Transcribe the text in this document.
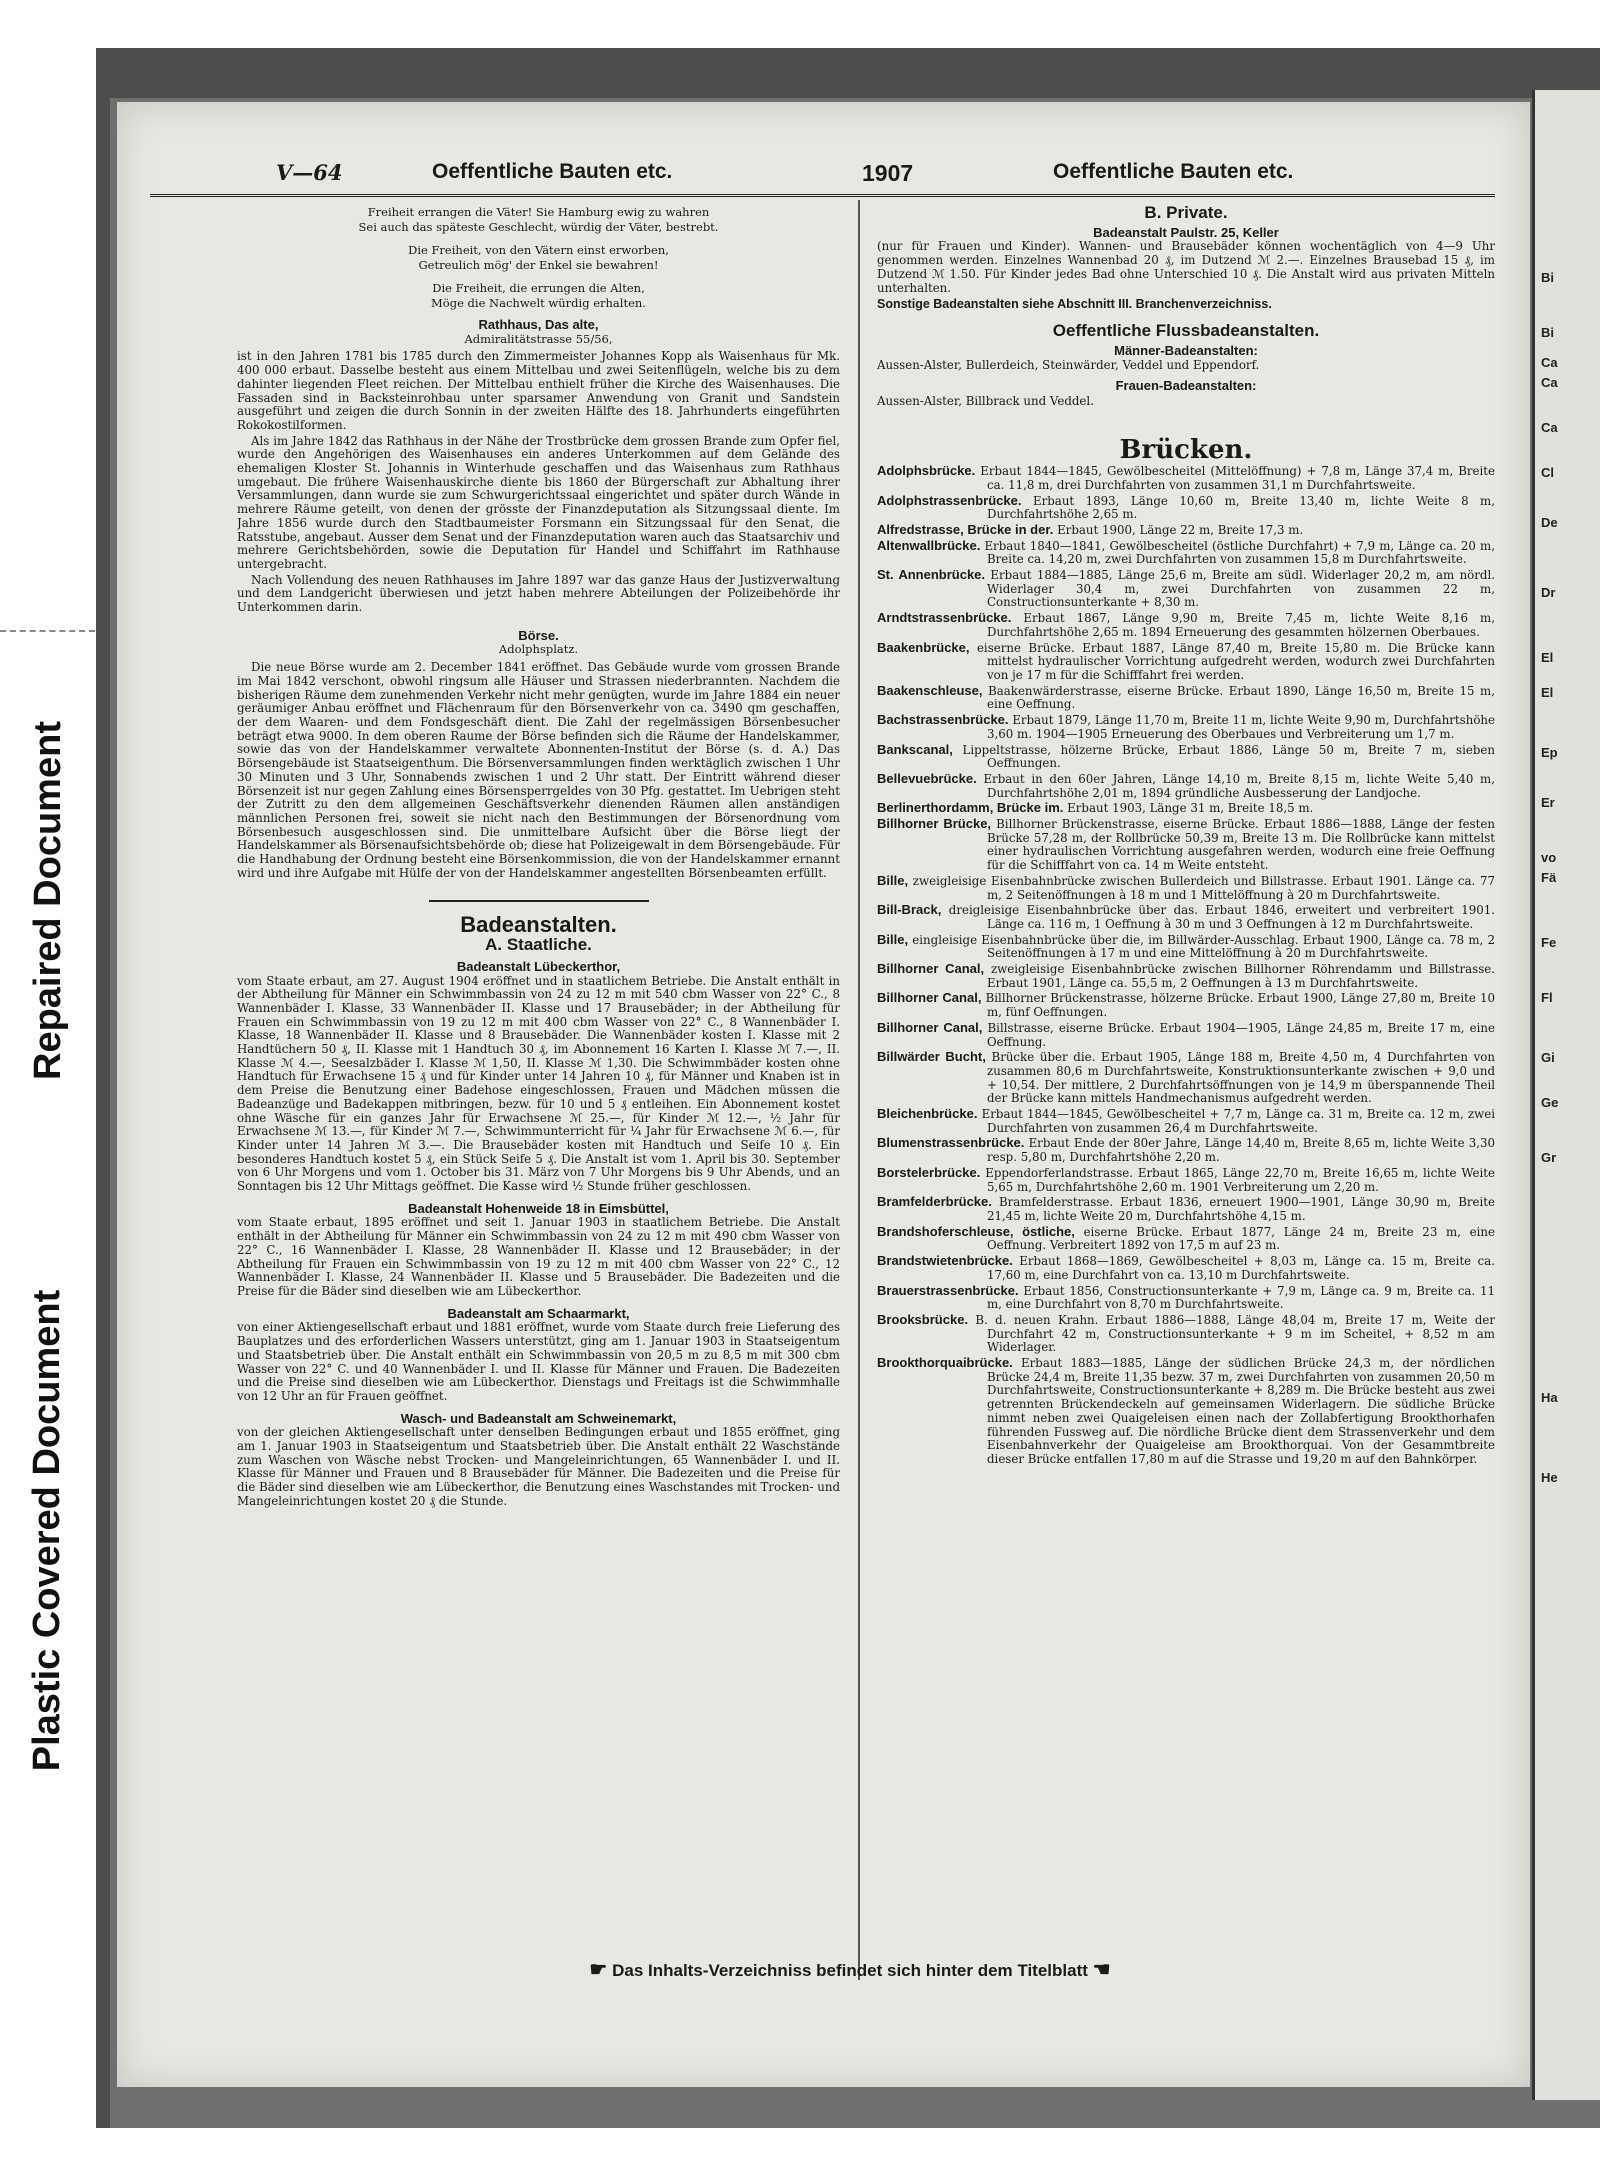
Repaired Document
Plastic Covered Document
Bi
Bi
Ca
Ca
Ca
Cl
De
Dr
El
El
Ep
Er
vo
Fä
Fe
Fl
Gi
Ge
Gr
Ha
He
V—64	Oeffentliche Bauten etc.	1907	Oeffentliche Bauten etc.

Freiheit errangen die Väter! Sie Hamburg ewig zu wahren

Sei auch das späteste Geschlecht, würdig der Väter, bestrebt.

Die Freiheit, von den Vätern einst erworben,

Getreulich mög' der Enkel sie bewahren!

Die Freiheit, die errungen die Alten,

Möge die Nachwelt würdig erhalten.

Rathhaus, Das alte,
Admiralitätstrasse 55/56,

ist in den Jahren 1781 bis 1785 durch den Zimmermeister Johannes Kopp als Waisenhaus für Mk. 400 000 erbaut. Dasselbe besteht aus einem Mittelbau und zwei Seitenflügeln, welche bis zu dem dahinter liegenden Fleet reichen. Der Mittelbau enthielt früher die Kirche des Waisenhauses. Die Fassaden sind in Backsteinrohbau unter sparsamer Anwendung von Granit und Sandstein ausgeführt und zeigen die durch Sonnin in der zweiten Hälfte des 18. Jahrhunderts eingeführten Rokokostilformen.

Als im Jahre 1842 das Rathhaus in der Nähe der Trostbrücke dem grossen Brande zum Opfer fiel, wurde den Angehörigen des Waisenhauses ein anderes Unterkommen auf dem Gelände des ehemaligen Kloster St. Johannis in Winterhude geschaffen und das Waisenhaus zum Rathhaus umgebaut. Die frühere Waisenhauskirche diente bis 1860 der Bürgerschaft zur Abhaltung ihrer Versammlungen, dann wurde sie zum Schwurgerichtssaal eingerichtet und später durch Wände in mehrere Räume geteilt, von denen der grösste der Finanzdeputation als Sitzungssaal diente. Im Jahre 1856 wurde durch den Stadtbaumeister Forsmann ein Sitzungssaal für den Senat, die Ratsstube, angebaut. Ausser dem Senat und der Finanzdeputation waren auch das Staatsarchiv und mehrere Gerichtsbehörden, sowie die Deputation für Handel und Schiffahrt im Rathhause untergebracht.

Nach Vollendung des neuen Rathhauses im Jahre 1897 war das ganze Haus der Justizverwaltung und dem Landgericht überwiesen und jetzt haben mehrere Abteilungen der Polizeibehörde ihr Unterkommen darin.

Börse.
Adolphsplatz.

Die neue Börse wurde am 2. December 1841 eröffnet. Das Gebäude wurde vom grossen Brande im Mai 1842 verschont, obwohl ringsum alle Häuser und Strassen niederbrannten. Nachdem die bisherigen Räume dem zunehmenden Verkehr nicht mehr genügten, wurde im Jahre 1884 ein neuer geräumiger Anbau eröffnet und Flächenraum für den Börsenverkehr von ca. 3490 qm geschaffen, der dem Waaren- und dem Fondsgeschäft dient. Die Zahl der regelmässigen Börsenbesucher beträgt etwa 9000. In dem oberen Raume der Börse befinden sich die Räume der Handelskammer, sowie das von der Handelskammer verwaltete Abonnenten-Institut der Börse (s. d. A.) Das Börsengebäude ist Staatseigenthum. Die Börsenversammlungen finden werktäglich zwischen 1 Uhr 30 Minuten und 3 Uhr, Sonnabends zwischen 1 und 2 Uhr statt. Der Eintritt während dieser Börsenzeit ist nur gegen Zahlung eines Börsensperrgeldes von 30 Pfg. gestattet. Im Uebrigen steht der Zutritt zu den dem allgemeinen Geschäftsverkehr dienenden Räumen allen anständigen männlichen Personen frei, soweit sie nicht nach den Bestimmungen der Börsenordnung vom Börsenbesuch ausgeschlossen sind. Die unmittelbare Aufsicht über die Börse liegt der Handelskammer als Börsenaufsichtsbehörde ob; diese hat Polizeigewalt in dem Börsengebäude. Für die Handhabung der Ordnung besteht eine Börsenkommission, die von der Handelskammer ernannt wird und ihre Aufgabe mit Hülfe der von der Handelskammer angestellten Börsenbeamten erfüllt.

Badeanstalten.
A. Staatliche.
Badeanstalt Lübeckerthor,

vom Staate erbaut, am 27. August 1904 eröffnet und in staatlichem Betriebe. Die Anstalt enthält in der Abtheilung für Männer ein Schwimmbassin von 24 zu 12 m mit 540 cbm Wasser von 22° C., 8 Wannenbäder I. Klasse, 33 Wannenbäder II. Klasse und 17 Brausebäder; in der Abtheilung für Frauen ein Schwimmbassin von 19 zu 12 m mit 400 cbm Wasser von 22° C., 8 Wannenbäder I. Klasse, 18 Wannenbäder II. Klasse und 8 Brausebäder. Die Wannenbäder kosten I. Klasse mit 2 Handtüchern 50 ₰, II. Klasse mit 1 Handtuch 30 ₰, im Abonnement 16 Karten I. Klasse ℳ 7.—, II. Klasse ℳ 4.—, Seesalzbäder I. Klasse ℳ 1,50, II. Klasse ℳ 1,30. Die Schwimmbäder kosten ohne Handtuch für Erwachsene 15 ₰ und für Kinder unter 14 Jahren 10 ₰, für Männer und Knaben ist in dem Preise die Benutzung einer Badehose eingeschlossen, Frauen und Mädchen müssen die Badeanzüge und Badekappen mitbringen, bezw. für 10 und 5 ₰ entleihen. Ein Abonnement kostet ohne Wäsche für ein ganzes Jahr für Erwachsene ℳ 25.—, für Kinder ℳ 12.—, ½ Jahr für Erwachsene ℳ 13.—, für Kinder ℳ 7.—, Schwimmunterricht für ¼ Jahr für Erwachsene ℳ 6.—, für Kinder unter 14 Jahren ℳ 3.—. Die Brausebäder kosten mit Handtuch und Seife 10 ₰. Ein besonderes Handtuch kostet 5 ₰, ein Stück Seife 5 ₰. Die Anstalt ist vom 1. April bis 30. September von 6 Uhr Morgens und vom 1. October bis 31. März von 7 Uhr Morgens bis 9 Uhr Abends, und an Sonntagen bis 12 Uhr Mittags geöffnet. Die Kasse wird ½ Stunde früher geschlossen.

Badeanstalt Hohenweide 18 in Eimsbüttel,

vom Staate erbaut, 1895 eröffnet und seit 1. Januar 1903 in staatlichem Betriebe. Die Anstalt enthält in der Abtheilung für Männer ein Schwimmbassin von 24 zu 12 m mit 490 cbm Wasser von 22° C., 16 Wannenbäder I. Klasse, 28 Wannenbäder II. Klasse und 12 Brausebäder; in der Abtheilung für Frauen ein Schwimmbassin von 19 zu 12 m mit 400 cbm Wasser von 22° C., 12 Wannenbäder I. Klasse, 24 Wannenbäder II. Klasse und 5 Brausebäder. Die Badezeiten und die Preise für die Bäder sind dieselben wie am Lübeckerthor.

Badeanstalt am Schaarmarkt,

von einer Aktiengesellschaft erbaut und 1881 eröffnet, wurde vom Staate durch freie Lieferung des Bauplatzes und des erforderlichen Wassers unterstützt, ging am 1. Januar 1903 in Staatseigentum und Staatsbetrieb über. Die Anstalt enthält ein Schwimmbassin von 20,5 m zu 8,5 m mit 300 cbm Wasser von 22° C. und 40 Wannenbäder I. und II. Klasse für Männer und Frauen. Die Badezeiten und die Preise sind dieselben wie am Lübeckerthor. Dienstags und Freitags ist die Schwimmhalle von 12 Uhr an für Frauen geöffnet.

Wasch- und Badeanstalt am Schweinemarkt,

von der gleichen Aktiengesellschaft unter denselben Bedingungen erbaut und 1855 eröffnet, ging am 1. Januar 1903 in Staatseigentum und Staatsbetrieb über. Die Anstalt enthält 22 Waschstände zum Waschen von Wäsche nebst Trocken- und Mangeleinrichtungen, 65 Wannenbäder I. und II. Klasse für Männer und Frauen und 8 Brausebäder für Männer. Die Badezeiten und die Preise für die Bäder sind dieselben wie am Lübeckerthor, die Benutzung eines Waschstandes mit Trocken- und Mangeleinrichtungen kostet 20 ₰ die Stunde.

B. Private.
Badeanstalt Paulstr. 25, Keller

(nur für Frauen und Kinder). Wannen- und Brausebäder können wochentäglich von 4—9 Uhr genommen werden. Einzelnes Wannenbad 20 ₰, im Dutzend ℳ 2.—. Einzelnes Brausebad 15 ₰, im Dutzend ℳ 1.50. Für Kinder jedes Bad ohne Unterschied 10 ₰. Die Anstalt wird aus privaten Mitteln unterhalten.

Sonstige Badeanstalten siehe Abschnitt III. Branchenverzeichniss.
Oeffentliche Flussbadeanstalten.
Männer-Badeanstalten:

Aussen-Alster, Bullerdeich, Steinwärder, Veddel und Eppendorf.

Frauen-Badeanstalten:

Aussen-Alster, Billbrack und Veddel.

Brücken.

Adolphsbrücke. Erbaut 1844—1845, Gewölbescheitel (Mittelöffnung) + 7,8 m, Länge 37,4 m, Breite ca. 11,8 m, drei Durchfahrten von zusammen 31,1 m Durchfahrtsweite.

Adolphstrassenbrücke. Erbaut 1893, Länge 10,60 m, Breite 13,40 m, lichte Weite 8 m, Durchfahrtshöhe 2,65 m.

Alfredstrasse, Brücke in der. Erbaut 1900, Länge 22 m, Breite 17,3 m.

Altenwallbrücke. Erbaut 1840—1841, Gewölbescheitel (östliche Durchfahrt) + 7,9 m, Länge ca. 20 m, Breite ca. 14,20 m, zwei Durchfahrten von zusammen 15,8 m Durchfahrtsweite.

St. Annenbrücke. Erbaut 1884—1885, Länge 25,6 m, Breite am südl. Widerlager 20,2 m, am nördl. Widerlager 30,4 m, zwei Durchfahrten von zusammen 22 m, Constructionsunterkante + 8,30 m.

Arndtstrassenbrücke. Erbaut 1867, Länge 9,90 m, Breite 7,45 m, lichte Weite 8,16 m, Durchfahrtshöhe 2,65 m. 1894 Erneuerung des gesammten hölzernen Oberbaues.

Baakenbrücke, eiserne Brücke. Erbaut 1887, Länge 87,40 m, Breite 15,80 m. Die Brücke kann mittelst hydraulischer Vorrichtung aufgedreht werden, wodurch zwei Durchfahrten von je 17 m für die Schifffahrt frei werden.

Baakenschleuse, Baakenwärderstrasse, eiserne Brücke. Erbaut 1890, Länge 16,50 m, Breite 15 m, eine Oeffnung.

Bachstrassenbrücke. Erbaut 1879, Länge 11,70 m, Breite 11 m, lichte Weite 9,90 m, Durchfahrtshöhe 3,60 m. 1904—1905 Erneuerung des Oberbaues und Verbreiterung um 1,7 m.

Bankscanal, Lippeltstrasse, hölzerne Brücke, Erbaut 1886, Länge 50 m, Breite 7 m, sieben Oeffnungen.

Bellevuebrücke. Erbaut in den 60er Jahren, Länge 14,10 m, Breite 8,15 m, lichte Weite 5,40 m, Durchfahrtshöhe 2,01 m, 1894 gründliche Ausbesserung der Landjoche.

Berlinerthordamm, Brücke im. Erbaut 1903, Länge 31 m, Breite 18,5 m.

Billhorner Brücke, Billhorner Brückenstrasse, eiserne Brücke. Erbaut 1886—1888, Länge der festen Brücke 57,28 m, der Rollbrücke 50,39 m, Breite 13 m. Die Rollbrücke kann mittelst einer hydraulischen Vorrichtung ausgefahren werden, wodurch eine freie Oeffnung für die Schifffahrt von ca. 14 m Weite entsteht.

Bille, zweigleisige Eisenbahnbrücke zwischen Bullerdeich und Billstrasse. Erbaut 1901. Länge ca. 77 m, 2 Seitenöffnungen à 18 m und 1 Mittelöffnung à 20 m Durchfahrtsweite.

Bill-Brack, dreigleisige Eisenbahnbrücke über das. Erbaut 1846, erweitert und verbreitert 1901. Länge ca. 116 m, 1 Oeffnung à 30 m und 3 Oeffnungen à 12 m Durchfahrtsweite.

Bille, eingleisige Eisenbahnbrücke über die, im Billwärder-Ausschlag. Erbaut 1900, Länge ca. 78 m, 2 Seitenöffnungen à 17 m und eine Mittelöffnung à 20 m Durchfahrtsweite.

Billhorner Canal, zweigleisige Eisenbahnbrücke zwischen Billhorner Röhrendamm und Billstrasse. Erbaut 1901, Länge ca. 55,5 m, 2 Oeffnungen à 13 m Durchfahrtsweite.

Billhorner Canal, Billhorner Brückenstrasse, hölzerne Brücke. Erbaut 1900, Länge 27,80 m, Breite 10 m, fünf Oeffnungen.

Billhorner Canal, Billstrasse, eiserne Brücke. Erbaut 1904—1905, Länge 24,85 m, Breite 17 m, eine Oeffnung.

Billwärder Bucht, Brücke über die. Erbaut 1905, Länge 188 m, Breite 4,50 m, 4 Durchfahrten von zusammen 80,6 m Durchfahrtsweite, Konstruktionsunterkante zwischen + 9,0 und + 10,54. Der mittlere, 2 Durchfahrtsöffnungen von je 14,9 m überspannende Theil der Brücke kann mittels Handmechanismus aufgedreht werden.

Bleichenbrücke. Erbaut 1844—1845, Gewölbescheitel + 7,7 m, Länge ca. 31 m, Breite ca. 12 m, zwei Durchfahrten von zusammen 26,4 m Durchfahrtsweite.

Blumenstrassenbrücke. Erbaut Ende der 80er Jahre, Länge 14,40 m, Breite 8,65 m, lichte Weite 3,30 resp. 5,80 m, Durchfahrtshöhe 2,20 m.

Borstelerbrücke. Eppendorferlandstrasse. Erbaut 1865, Länge 22,70 m, Breite 16,65 m, lichte Weite 5,65 m, Durchfahrtshöhe 2,60 m. 1901 Verbreiterung um 2,20 m.

Bramfelderbrücke. Bramfelderstrasse. Erbaut 1836, erneuert 1900—1901, Länge 30,90 m, Breite 21,45 m, lichte Weite 20 m, Durchfahrtshöhe 4,15 m.

Brandshoferschleuse, östliche, eiserne Brücke. Erbaut 1877, Länge 24 m, Breite 23 m, eine Oeffnung. Verbreitert 1892 von 17,5 m auf 23 m.

Brandstwietenbrücke. Erbaut 1868—1869, Gewölbescheitel + 8,03 m, Länge ca. 15 m, Breite ca. 17,60 m, eine Durchfahrt von ca. 13,10 m Durchfahrtsweite.

Brauerstrassenbrücke. Erbaut 1856, Constructionsunterkante + 7,9 m, Länge ca. 9 m, Breite ca. 11 m, eine Durchfahrt von 8,70 m Durchfahrtsweite.

Brooksbrücke. B. d. neuen Krahn. Erbaut 1886—1888, Länge 48,04 m, Breite 17 m, Weite der Durchfahrt 42 m, Constructionsunterkante + 9 m im Scheitel, + 8,52 m am Widerlager.

Brookthorquaibrücke. Erbaut 1883—1885, Länge der südlichen Brücke 24,3 m, der nördlichen Brücke 24,4 m, Breite 11,35 bezw. 37 m, zwei Durchfahrten von zusammen 20,50 m Durchfahrtsweite, Constructionsunterkante + 8,289 m. Die Brücke besteht aus zwei getrennten Brückendeckeln auf gemeinsamen Widerlagern. Die südliche Brücke nimmt neben zwei Quaigeleisen einen nach der Zollabfertigung Brookthorhafen führenden Fussweg auf. Die nördliche Brücke dient dem Strassenverkehr und dem Eisenbahnverkehr der Quaigeleise am Brookthorquai. Von der Gesammtbreite dieser Brücke entfallen 17,80 m auf die Strasse und 19,20 m auf den Bahnkörper.

☛ Das Inhalts-Verzeichniss befindet sich hinter dem Titelblatt ☚
